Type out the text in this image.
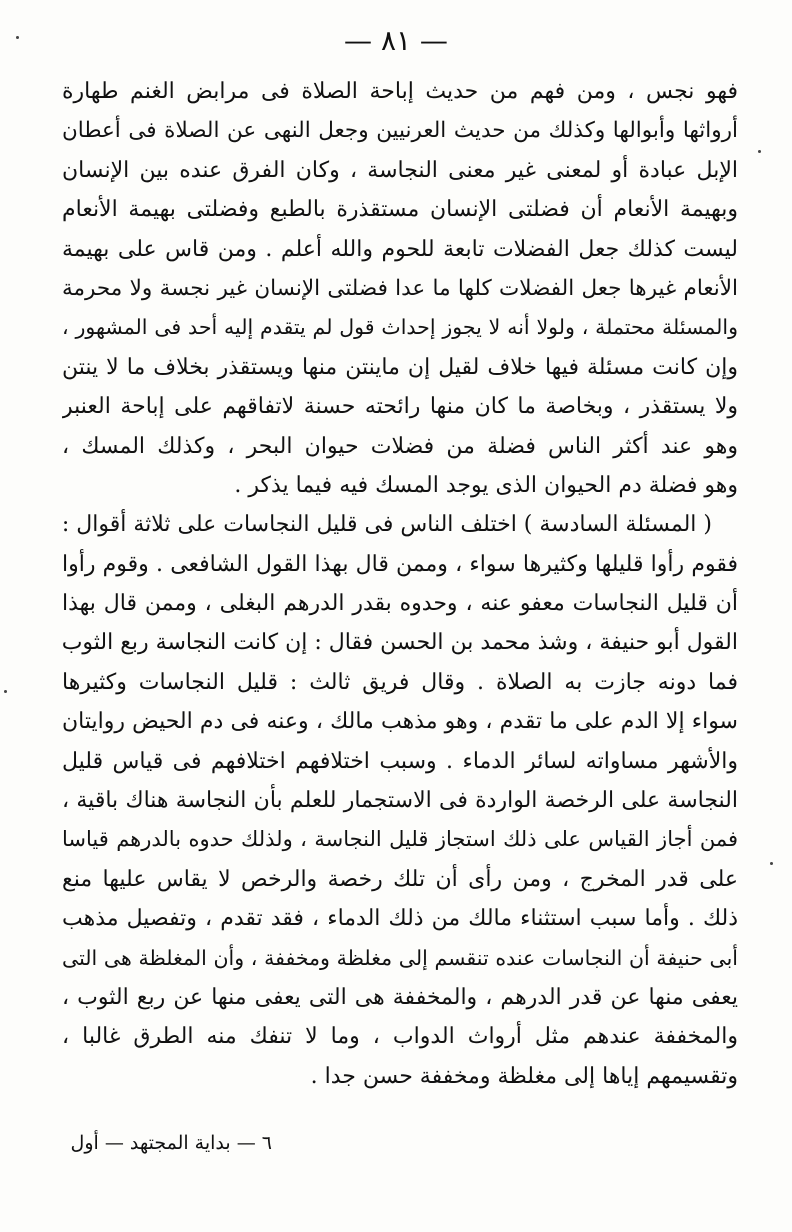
— ٨١ —
فهو نجس ، ومن فهم من حديث إباحة الصلاة فى مرابض الغنم طهارة
أرواثها وأبوالها وكذلك من حديث العرنيين وجعل النهى عن الصلاة فى أعطان
الإبل عبادة أو لمعنى غير معنى النجاسة ، وكان الفرق عنده بين الإنسان
وبهيمة الأنعام أن فضلتى الإنسان مستقذرة بالطبع وفضلتى بهيمة الأنعام
ليست كذلك جعل الفضلات تابعة للحوم والله أعلم . ومن قاس على بهيمة
الأنعام غيرها جعل الفضلات كلها ما عدا فضلتى الإنسان غير نجسة ولا محرمة
والمسئلة محتملة ، ولولا أنه لا يجوز إحداث قول لم يتقدم إليه أحد فى المشهور ،
وإن كانت مسئلة فيها خلاف لقيل إن ماينتن منها ويستقذر بخلاف ما لا ينتن
ولا يستقذر ، وبخاصة ما كان منها رائحته حسنة لاتفاقهم على إباحة العنبر
وهو عند أكثر الناس فضلة من فضلات حيوان البحر ، وكذلك المسك ،
وهو فضلة دم الحيوان الذى يوجد المسك فيه فيما يذكر .
( المسئلة السادسة ) اختلف الناس فى قليل النجاسات على ثلاثة أقوال :
فقوم رأوا قليلها وكثيرها سواء ، وممن قال بهذا القول الشافعى . وقوم رأوا
أن قليل النجاسات معفو عنه ، وحدوه بقدر الدرهم البغلى ، وممن قال بهذا
القول أبو حنيفة ، وشذ محمد بن الحسن فقال : إن كانت النجاسة ربع الثوب
فما دونه جازت به الصلاة . وقال فريق ثالث : قليل النجاسات وكثيرها
سواء إلا الدم على ما تقدم ، وهو مذهب مالك ، وعنه فى دم الحيض روايتان
والأشهر مساواته لسائر الدماء . وسبب اختلافهم اختلافهم فى قياس قليل
النجاسة على الرخصة الواردة فى الاستجمار للعلم بأن النجاسة هناك باقية ،
فمن أجاز القياس على ذلك استجاز قليل النجاسة ، ولذلك حدوه بالدرهم قياسا
على قدر المخرج ، ومن رأى أن تلك رخصة والرخص لا يقاس عليها منع
ذلك . وأما سبب استثناء مالك من ذلك الدماء ، فقد تقدم ، وتفصيل مذهب
أبى حنيفة أن النجاسات عنده تنقسم إلى مغلظة ومخففة ، وأن المغلظة هى التى
يعفى منها عن قدر الدرهم ، والمخففة هى التى يعفى منها عن ربع الثوب ،
والمخففة عندهم مثل أرواث الدواب ، وما لا تنفك منه الطرق غالبا ،
وتقسيمهم إياها إلى مغلظة ومخففة حسن جدا .
٦ — بداية المجتهد — أول
